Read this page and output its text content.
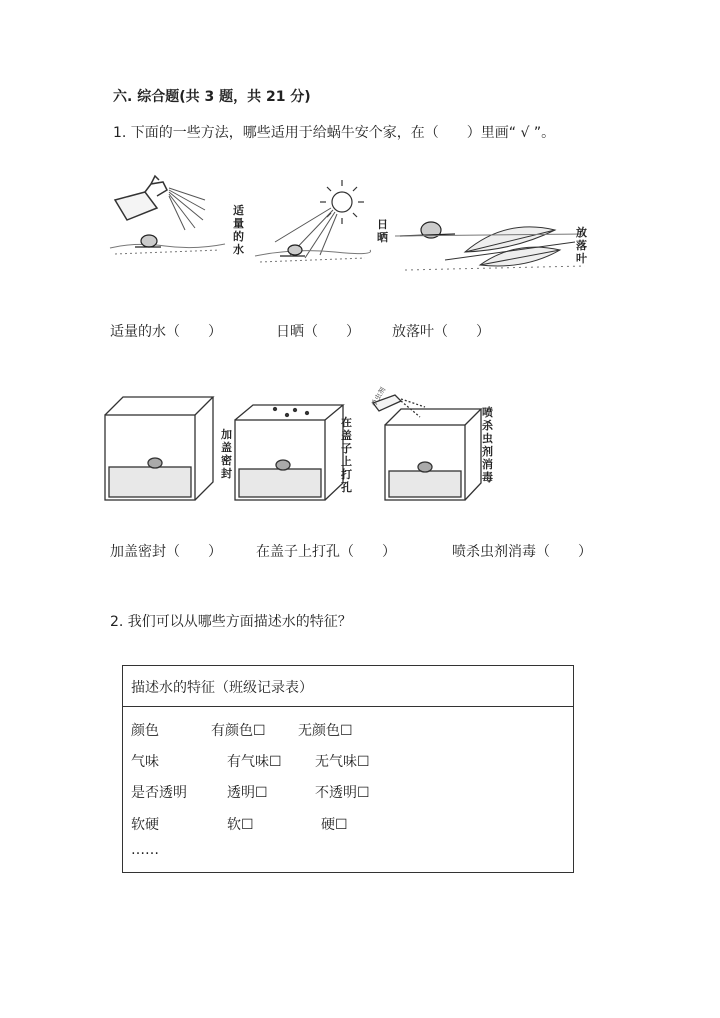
六. 综合题(共 3 题，共 21 分)
1. 下面的一些方法，哪些适用于给蜗牛安个家，在（　　）里画“ √ ”。
适量的水
日晒	放落叶
适量的水（　　）	日晒（　　） 放落叶（　　）
加盖密封
在盖子上打孔
喷杀虫剂消毒
杀虫剂
加盖密封（　　） 在盖子上打孔（　　）	喷杀虫剂消毒（　　）
2. 我们可以从哪些方面描述水的特征？
描述水的特征（班级记录表）
颜色	有颜色☐ 无颜色☐
气味	有气味☐ 无气味☐
是否透明	透明☐	不透明☐
软硬	软☐	硬☐
……
